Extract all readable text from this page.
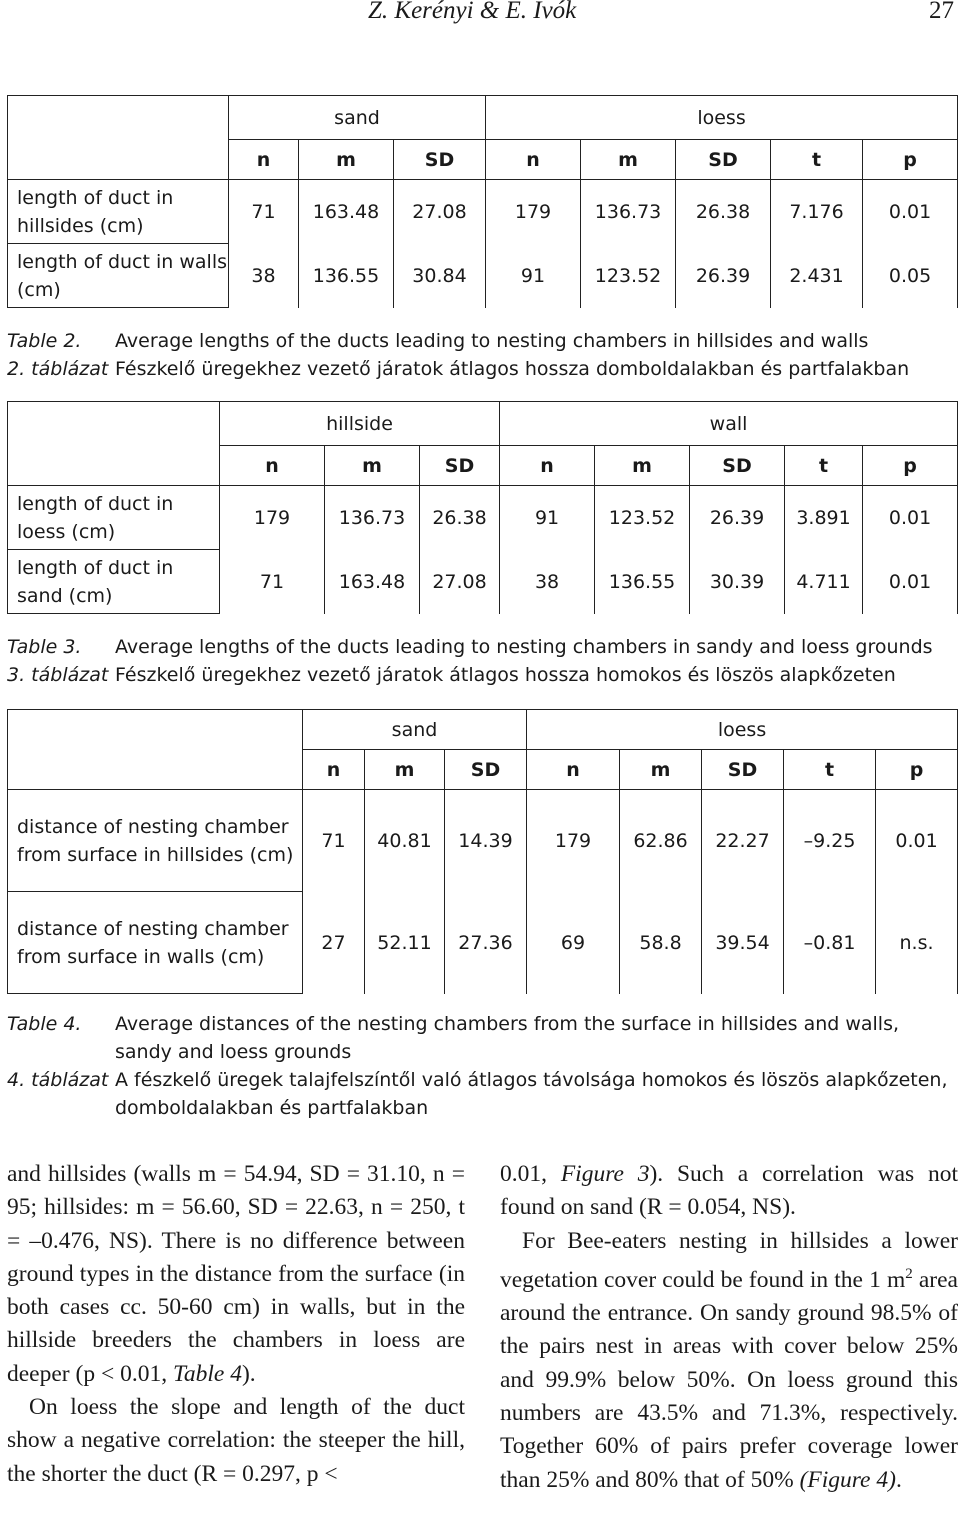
Z. Kerényi & E. Ivók	27
	sand			loess				
	n	m	SD	n	m	SD	t	p
length of duct in hillsides (cm)	71	163.48	27.08	179	136.73	26.38	7.176	0.01
length of duct in walls (cm)	38	136.55	30.84	91	123.52	26.39	2.431	0.05
Table 2.	Average lengths of the ducts leading to nesting chambers in hillsides and walls
2. táblázat Fészkelő üregekhez vezető járatok átlagos hossza domboldalakban és partfalakban
	hillside			wall				
	n	m	SD	n	m	SD	t	p
length of duct in loess (cm)	179	136.73	26.38	91	123.52	26.39	3.891	0.01
length of duct in sand (cm)	71	163.48	27.08	38	136.55	30.39	4.711	0.01
Table 3.	Average lengths of the ducts leading to nesting chambers in sandy and loess grounds
3. táblázat Fészkelő üregekhez vezető járatok átlagos hossza homokos és löszös alapkőzeten
	sand			loess				
	n	m	SD	n	m	SD	t	p
distance of nesting chamber from surface in hillsides (cm)	71	40.81	14.39	179	62.86	22.27	–9.25	0.01
distance of nesting chamber from surface in walls (cm)	27	52.11	27.36	69	58.8	39.54	–0.81	n.s.
Table 4.	Average distances of the nesting chambers from the surface in hillsides and walls, sandy and loess grounds
4. táblázat A fészkelő üregek talajfelszíntől való átlagos távolsága homokos és löszös alapkőzeten, domboldalakban és partfalakban

and hillsides (walls m = 54.94, SD = 31.10, n = 95; hillsides: m = 56.60, SD = 22.63, n = 250, t = –0.476, NS). There is no difference between ground types in the distance from the surface (in both cases cc. 50-60 cm) in walls, but in the hillside breeders the chambers in loess are deeper (p < 0.01, Table 4).

On loess the slope and length of the duct show a negative correlation: the steeper the hill, the shorter the duct (R = 0.297, p <

0.01, Figure 3). Such a correlation was not found on sand (R = 0.054, NS).

For Bee-eaters nesting in hillsides a lower vegetation cover could be found in the 1 $m^2$ area around the entrance. On sandy ground 98.5% of the pairs nest in areas with cover below 25% and 99.9% below 50%. On loess ground this numbers are 43.5% and 71.3%, respectively. Together 60% of pairs prefer coverage lower than 25% and 80% that of 50% (Figure 4).
